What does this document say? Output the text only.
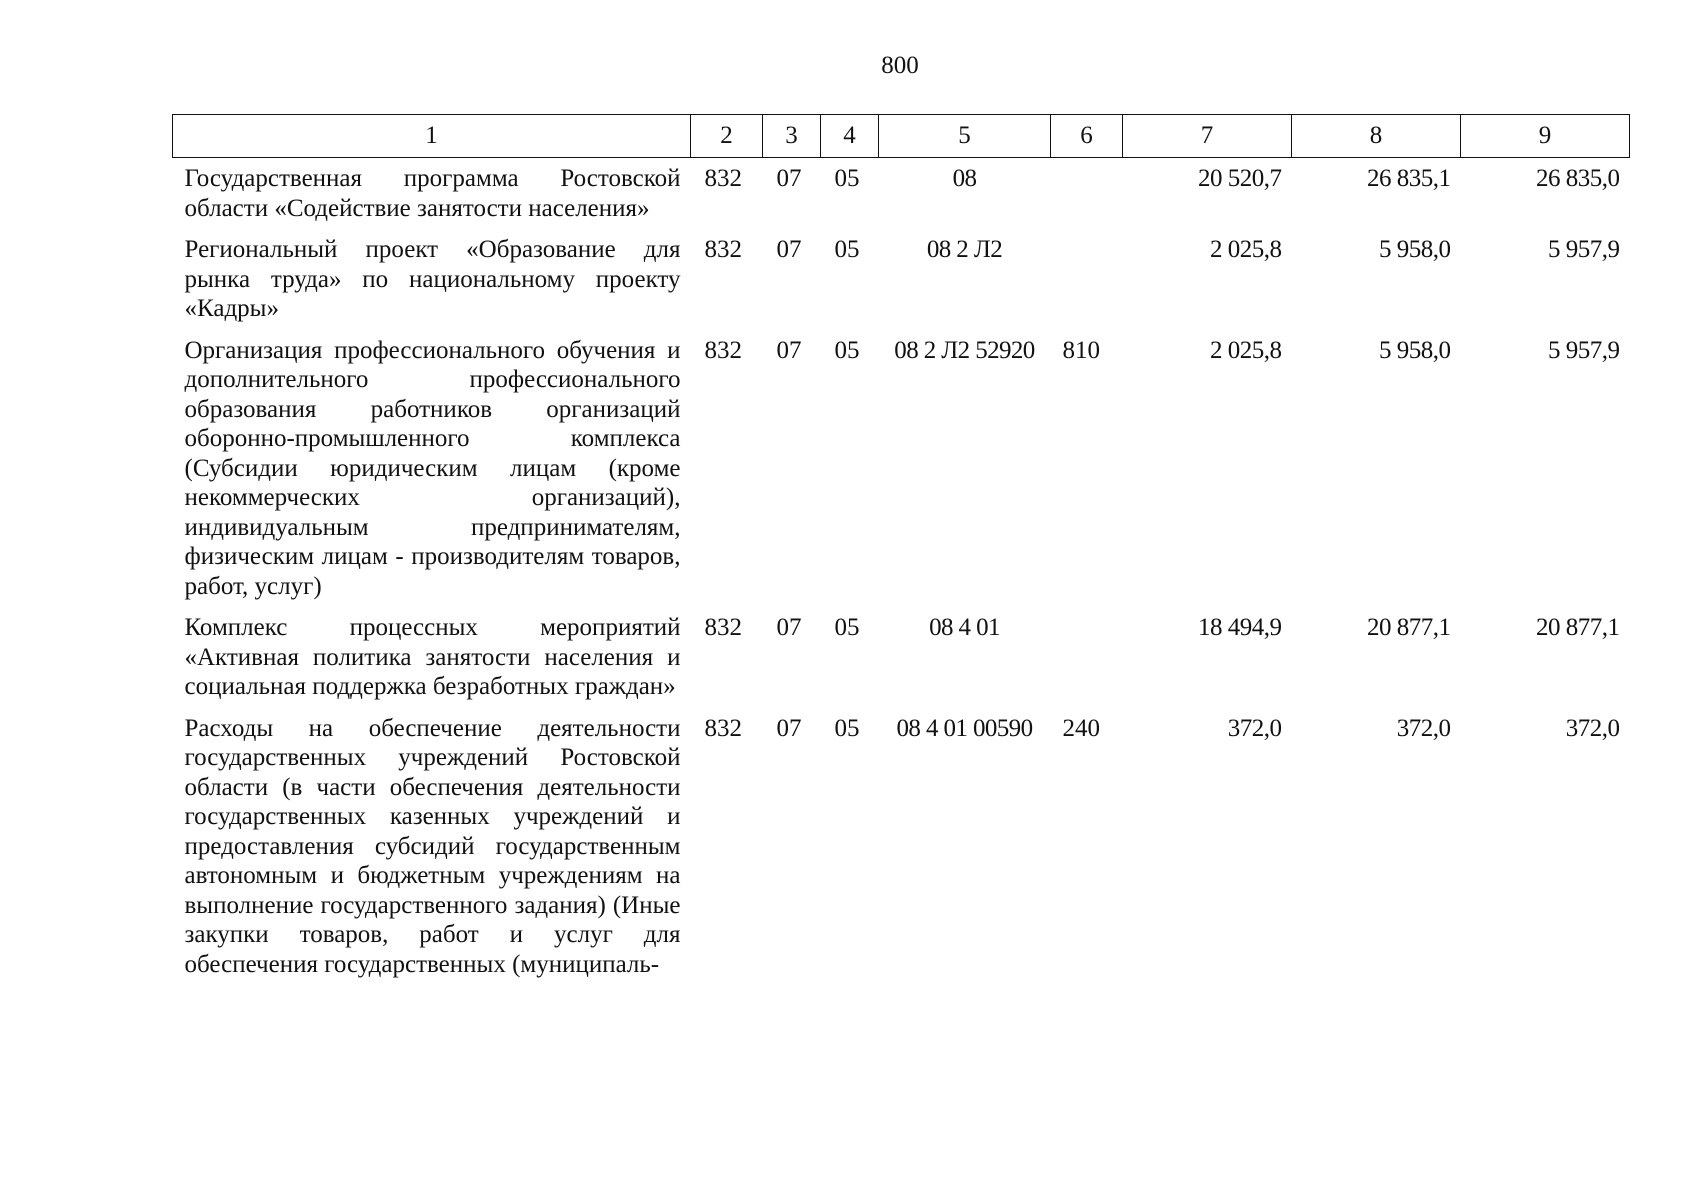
800
1	2	3	4	5	6	7	8	9
Государственная программа Ростовской области «Содействие занятости населения»	832	07	05	08		20 520,7	26 835,1	26 835,0
Региональный проект «Образование для рынка труда» по национальному проекту «Кадры»	832	07	05	08 2 Л2		2 025,8	5 958,0	5 957,9
Организация профессионального обучения и дополнительного профессионального образования работников организаций оборонно-промышленного комплекса (Субсидии юридическим лицам (кроме некоммерческих организаций), индивидуальным предпринимателям, физическим лицам - производителям товаров, работ, услуг)	832	07	05	08 2 Л2 52920	810	2 025,8	5 958,0	5 957,9
Комплекс процессных мероприятий «Активная политика занятости населения и социальная поддержка безработных граждан»	832	07	05	08 4 01		18 494,9	20 877,1	20 877,1
Расходы на обеспечение деятельности государственных учреждений Ростовской области (в части обеспечения деятельности государственных казенных учреждений и предоставления субсидий государственным автономным и бюджетным учреждениям на выполнение государственного задания) (Иные закупки товаров, работ и услуг для обеспечения государственных (муниципаль-	832	07	05	08 4 01 00590	240	372,0	372,0	372,0
